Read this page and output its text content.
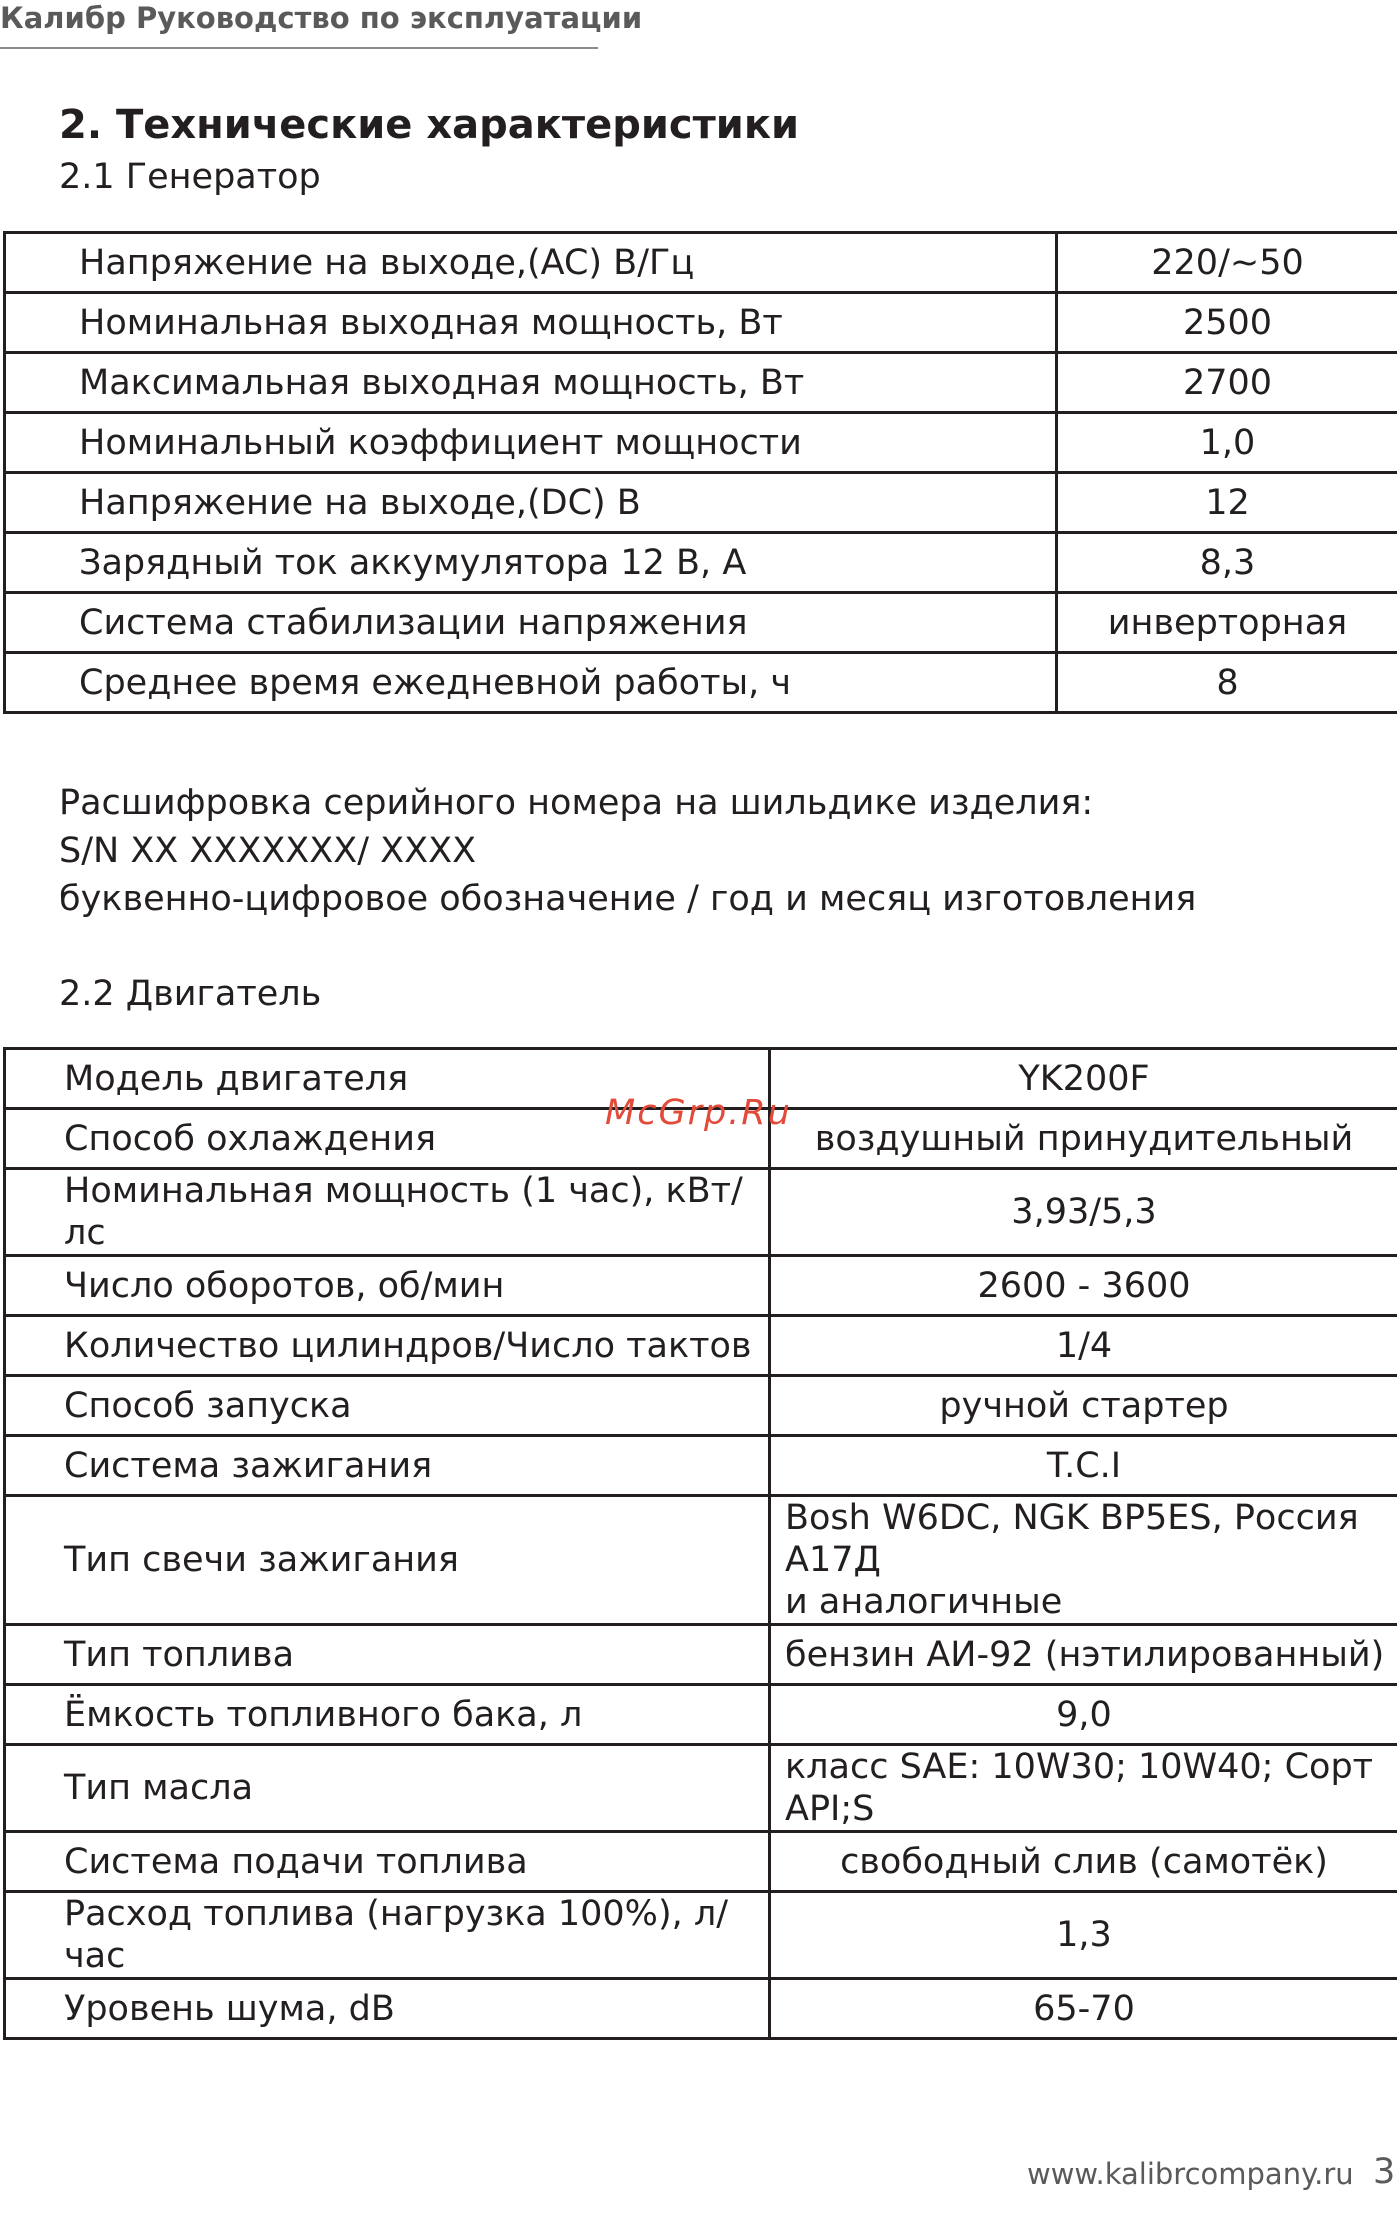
Калибр Руководство по эксплуатации
2. Технические характеристики
2.1 Генератор
Напряжение на выходе,(AC) В/Гц	220/~50
Номинальная выходная мощность, Вт	2500
Максимальная выходная мощность, Вт	2700
Номинальный коэффициент мощности	1,0
Напряжение на выходе,(DC) В	12
Зарядный ток аккумулятора 12 В, А	8,3
Система стабилизации напряжения	инверторная
Среднее время ежедневной работы, ч	8
Расшифровка серийного номера на шильдике изделия:
S/N XX XXXXXXX/ XXXX
буквенно-цифровое обозначение / год и месяц изготовления
2.2 Двигатель
Модель двигателя	YK200F
Способ охлаждения	воздушный принудительный
Номинальная мощность (1 час), кВт/лс	3,93/5,3
Число оборотов, об/мин	2600 - 3600
Количество цилиндров/Число тактов	1/4
Способ запуска	ручной стартер
Система зажигания	T.C.I
Тип свечи зажигания	Bosh W6DC, NGK BP5ES, Россия А17Д
и аналогичные

Тип топлива	бензин АИ-92 (нэтилированный)
Ёмкость топливного бака, л	9,0
Тип масла	класс SAE: 10W30; 10W40; Сорт API;S
Система подачи топлива	свободный слив (самотёк)
Расход топлива (нагрузка 100%), л/час	1,3
Уровень шума, dB	65-70
McGrp.Ru
www.kalibrcompany.ru 3
